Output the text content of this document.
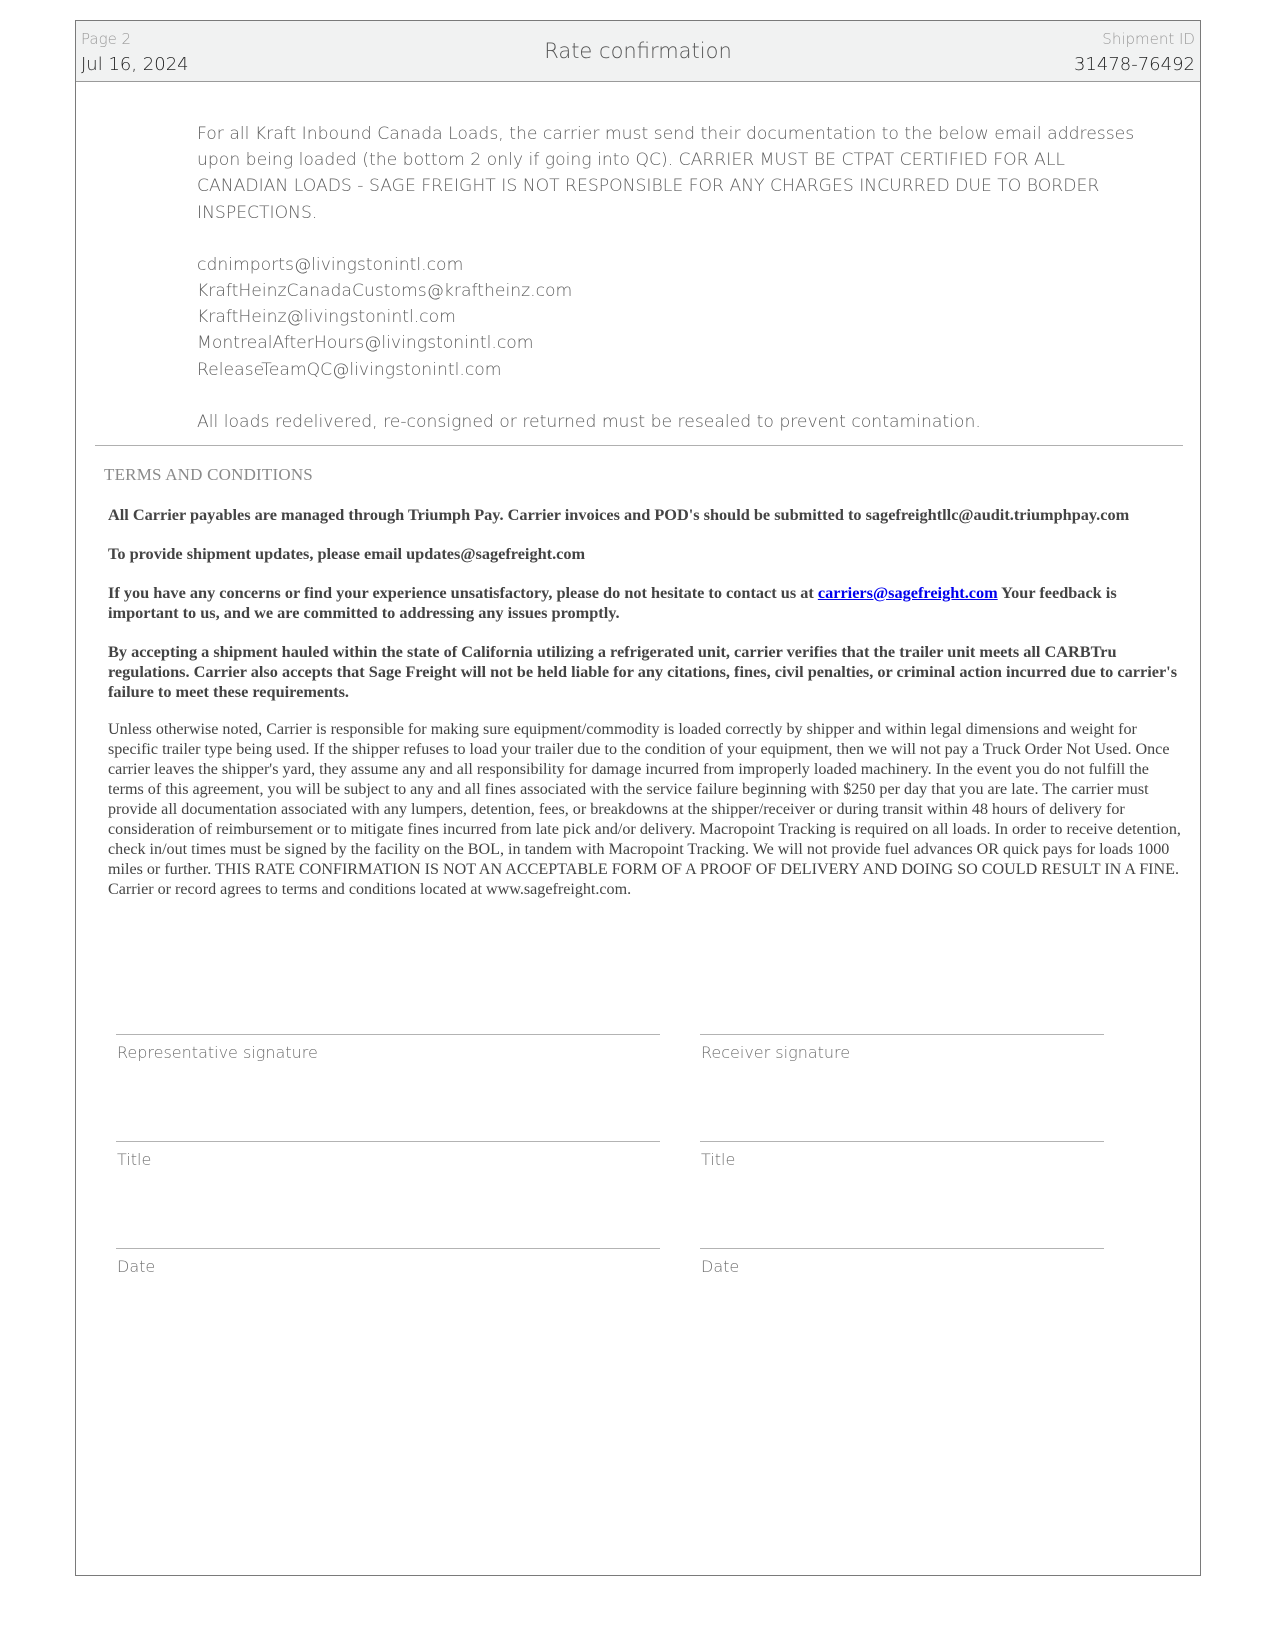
Page 2
Jul 16, 2024
Rate confirmation	Shipment ID
31478-76492

For all Kraft Inbound Canada Loads, the carrier must send their documentation to the below email addresses upon being loaded (the bottom 2 only if going into QC). CARRIER MUST BE CTPAT CERTIFIED FOR ALL CANADIAN LOADS - SAGE FREIGHT IS NOT RESPONSIBLE FOR ANY CHARGES INCURRED DUE TO BORDER INSPECTIONS.

cdnimports@livingstonintl.com

KraftHeinzCanadaCustoms@kraftheinz.com

KraftHeinz@livingstonintl.com

MontrealAfterHours@livingstonintl.com

ReleaseTeamQC@livingstonintl.com

All loads redelivered, re-consigned or returned must be resealed to prevent contamination.

TERMS AND CONDITIONS

All Carrier payables are managed through Triumph Pay. Carrier invoices and POD's should be submitted to sagefreightllc@audit.triumphpay.com

To provide shipment updates, please email updates@sagefreight.com

If you have any concerns or find your experience unsatisfactory, please do not hesitate to contact us at carriers@sagefreight.com Your feedback is important to us, and we are committed to addressing any issues promptly.

By accepting a shipment hauled within the state of California utilizing a refrigerated unit, carrier verifies that the trailer unit meets all CARBTru regulations. Carrier also accepts that Sage Freight will not be held liable for any citations, fines, civil penalties, or criminal action incurred due to carrier's failure to meet these requirements.

Unless otherwise noted, Carrier is responsible for making sure equipment/commodity is loaded correctly by shipper and within legal dimensions and weight for specific trailer type being used. If the shipper refuses to load your trailer due to the condition of your equipment, then we will not pay a Truck Order Not Used. Once carrier leaves the shipper's yard, they assume any and all responsibility for damage incurred from improperly loaded machinery. In the event you do not fulfill the terms of this agreement, you will be subject to any and all fines associated with the service failure beginning with $250 per day that you are late. The carrier must provide all documentation associated with any lumpers, detention, fees, or breakdowns at the shipper/receiver or during transit within 48 hours of delivery for consideration of reimbursement or to mitigate fines incurred from late pick and/or delivery. Macropoint Tracking is required on all loads. In order to receive detention, check in/out times must be signed by the facility on the BOL, in tandem with Macropoint Tracking. We will not provide fuel advances OR quick pays for loads 1000 miles or further. THIS RATE CONFIRMATION IS NOT AN ACCEPTABLE FORM OF A PROOF OF DELIVERY AND DOING SO COULD RESULT IN A FINE. Carrier or record agrees to terms and conditions located at www.sagefreight.com.

Representative signature	Receiver signature
Title	Title
Date	Date
